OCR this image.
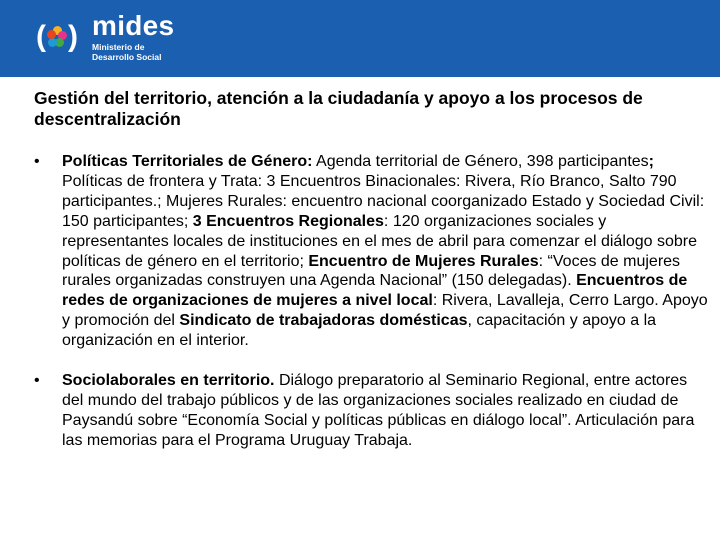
( ) mides
Ministerio de
Desarrollo Social
Gestión del territorio, atención a la ciudadanía y apoyo a los procesos de descentralización
• Políticas Territoriales de Género: Agenda territorial de Género, 398 participantes; Políticas de frontera y Trata: 3 Encuentros Binacionales: Rivera, Río Branco, Salto 790 participantes.; Mujeres Rurales: encuentro nacional coorganizado Estado y Sociedad Civil: 150 participantes; 3 Encuentros Regionales: 120 organizaciones sociales y representantes locales de instituciones en el mes de abril para comenzar el diálogo sobre políticas de género en el territorio; Encuentro de Mujeres Rurales: “Voces de mujeres rurales organizadas construyen una Agenda Nacional” (150 delegadas). Encuentros de redes de organizaciones de mujeres a nivel local: Rivera, Lavalleja, Cerro Largo. Apoyo y promoción del Sindicato de trabajadoras domésticas, capacitación y apoyo a la organización en el interior.
• Sociolaborales en territorio. Diálogo preparatorio al Seminario Regional, entre actores del mundo del trabajo públicos y de las organizaciones sociales realizado en ciudad de Paysandú sobre “Economía Social y políticas públicas en diálogo local”. Articulación para las memorias para el Programa Uruguay Trabaja.
